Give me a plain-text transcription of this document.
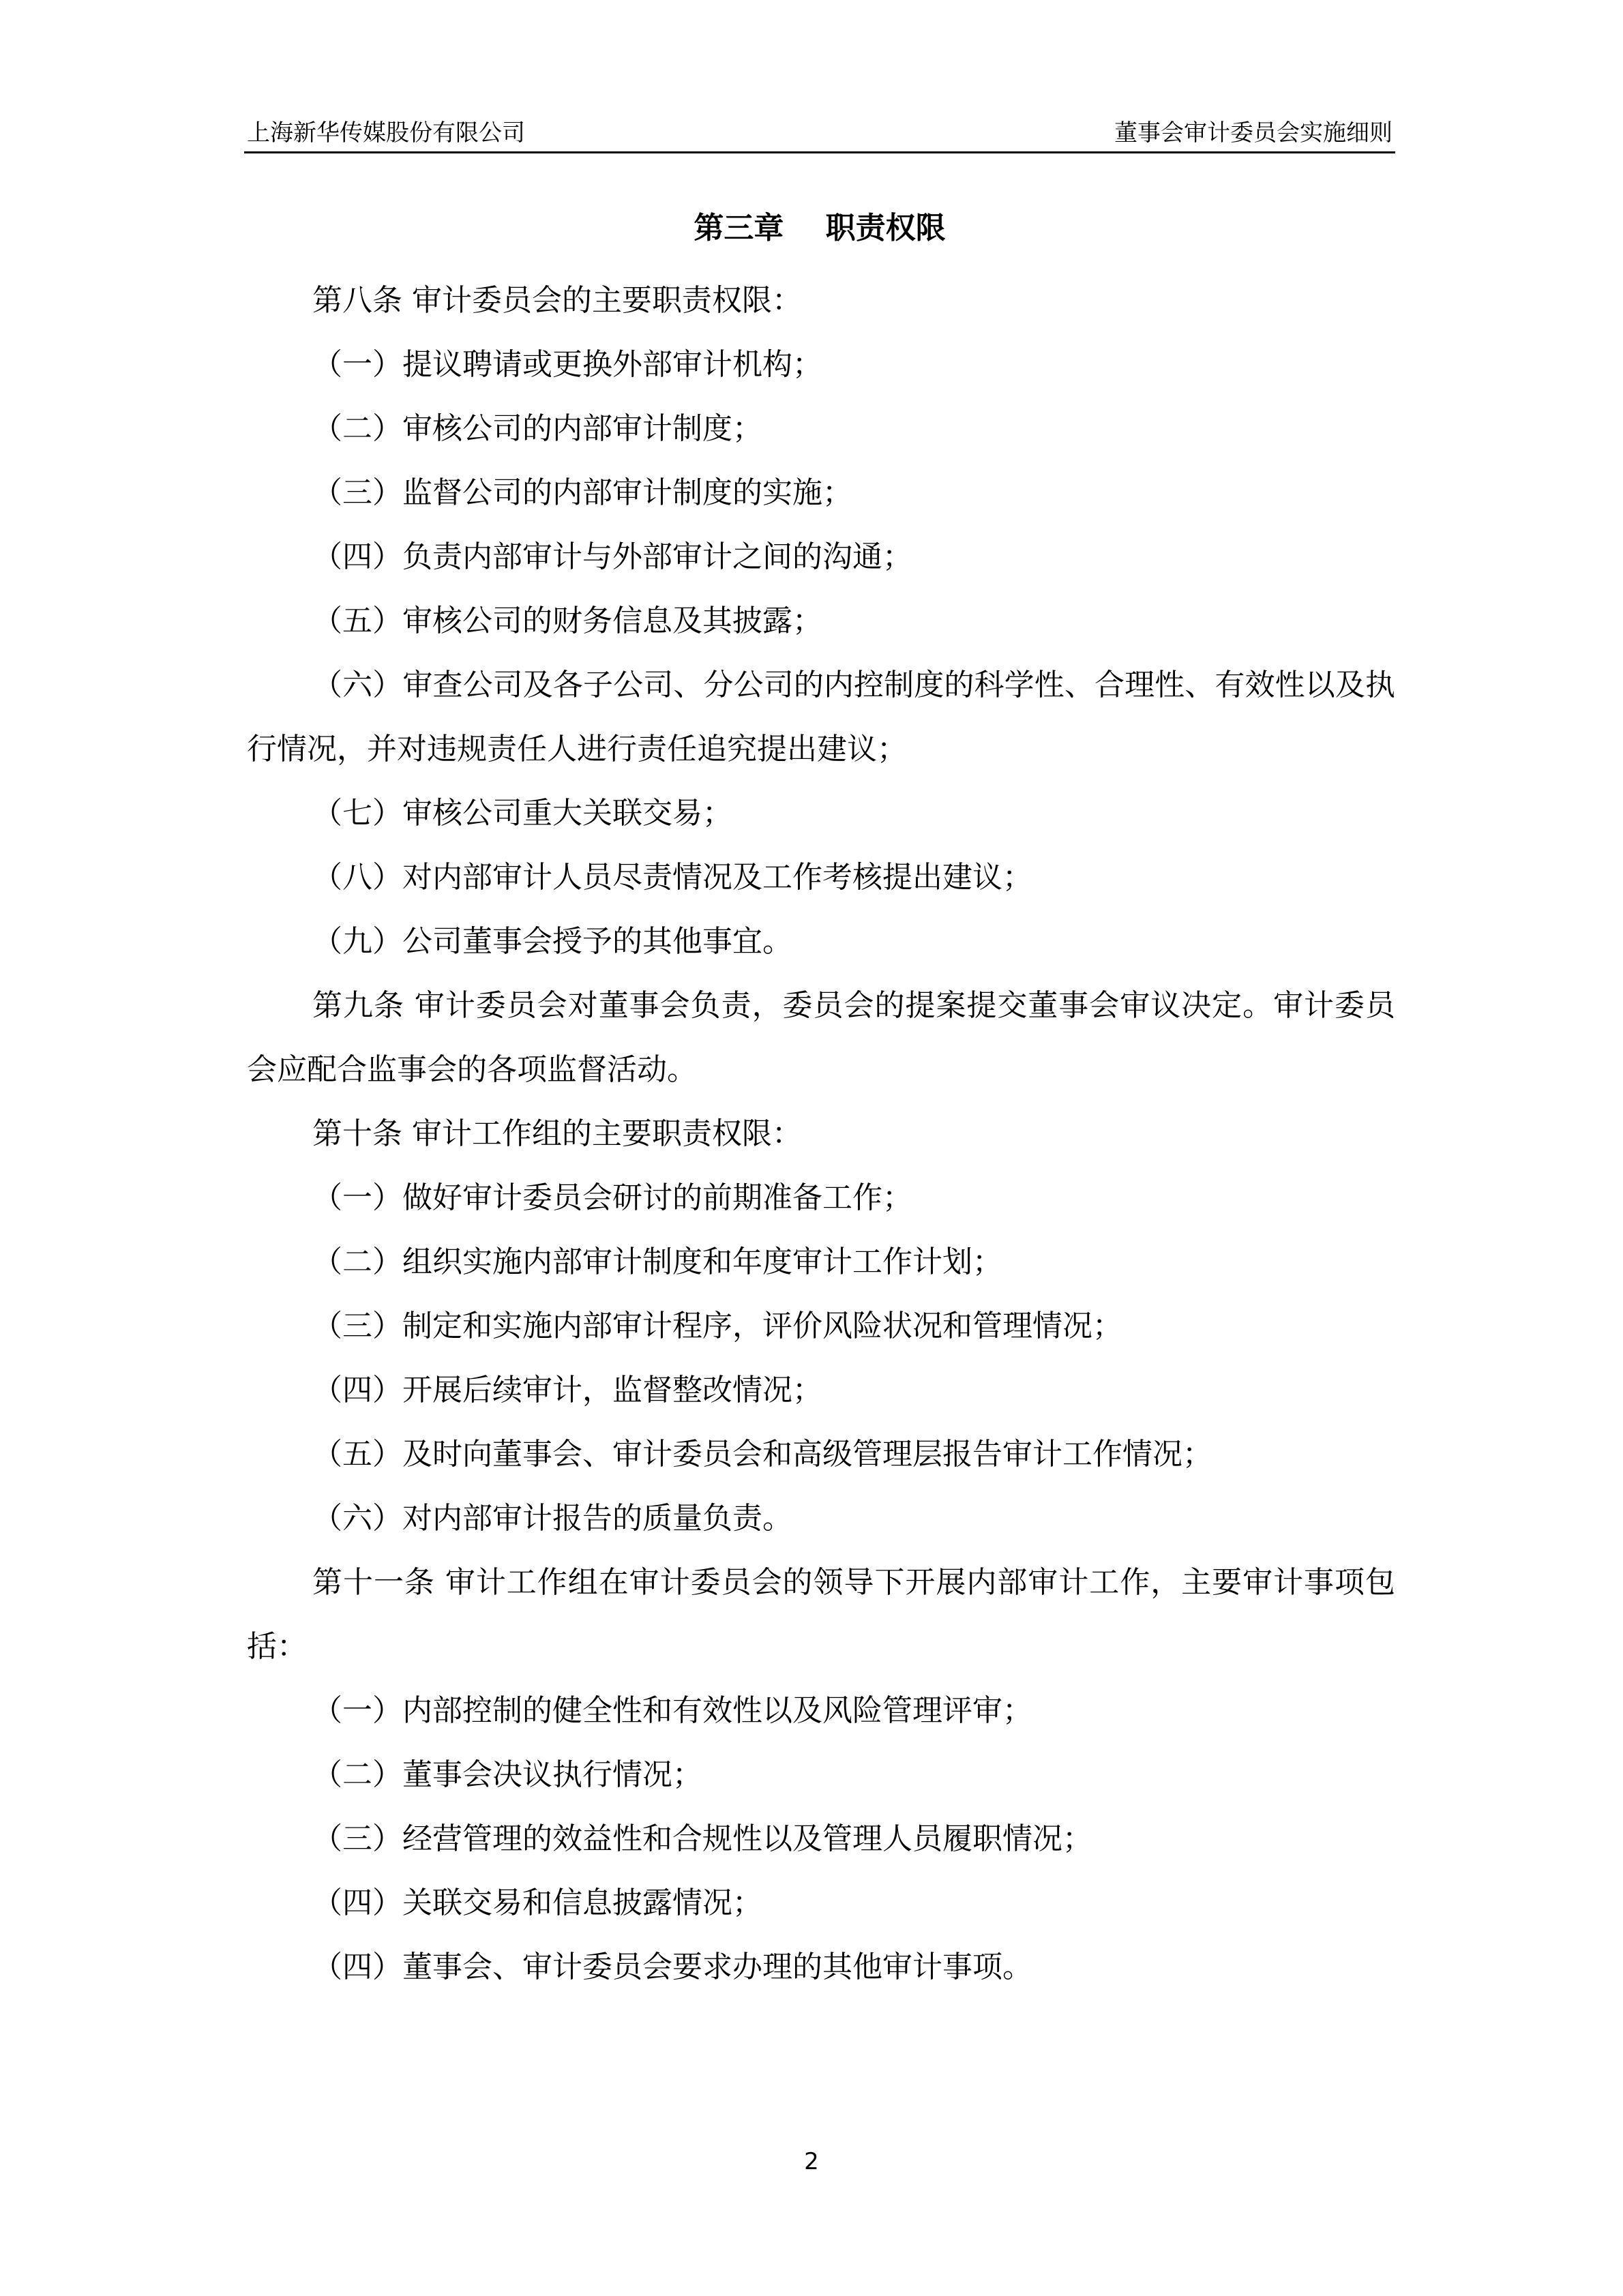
上海新华传媒股份有限公司	董事会审计委员会实施细则
第三章    职责权限
第八条 审计委员会的主要职责权限：
（一）提议聘请或更换外部审计机构；
（二）审核公司的内部审计制度；
（三）监督公司的内部审计制度的实施；
（四）负责内部审计与外部审计之间的沟通；
（五）审核公司的财务信息及其披露；
（六）审查公司及各子公司、分公司的内控制度的科学性、合理性、有效性以及执行情况，并对违规责任人进行责任追究提出建议；
（七）审核公司重大关联交易；
（八）对内部审计人员尽责情况及工作考核提出建议；
（九）公司董事会授予的其他事宜。
第九条 审计委员会对董事会负责，委员会的提案提交董事会审议决定。审计委员会应配合监事会的各项监督活动。
第十条 审计工作组的主要职责权限：
（一）做好审计委员会研讨的前期准备工作；
（二）组织实施内部审计制度和年度审计工作计划；
（三）制定和实施内部审计程序，评价风险状况和管理情况；
（四）开展后续审计，监督整改情况；
（五）及时向董事会、审计委员会和高级管理层报告审计工作情况；
（六）对内部审计报告的质量负责。
第十一条 审计工作组在审计委员会的领导下开展内部审计工作，主要审计事项包括：
（一）内部控制的健全性和有效性以及风险管理评审；
（二）董事会决议执行情况；
（三）经营管理的效益性和合规性以及管理人员履职情况；
（四）关联交易和信息披露情况；
（四）董事会、审计委员会要求办理的其他审计事项。
2
